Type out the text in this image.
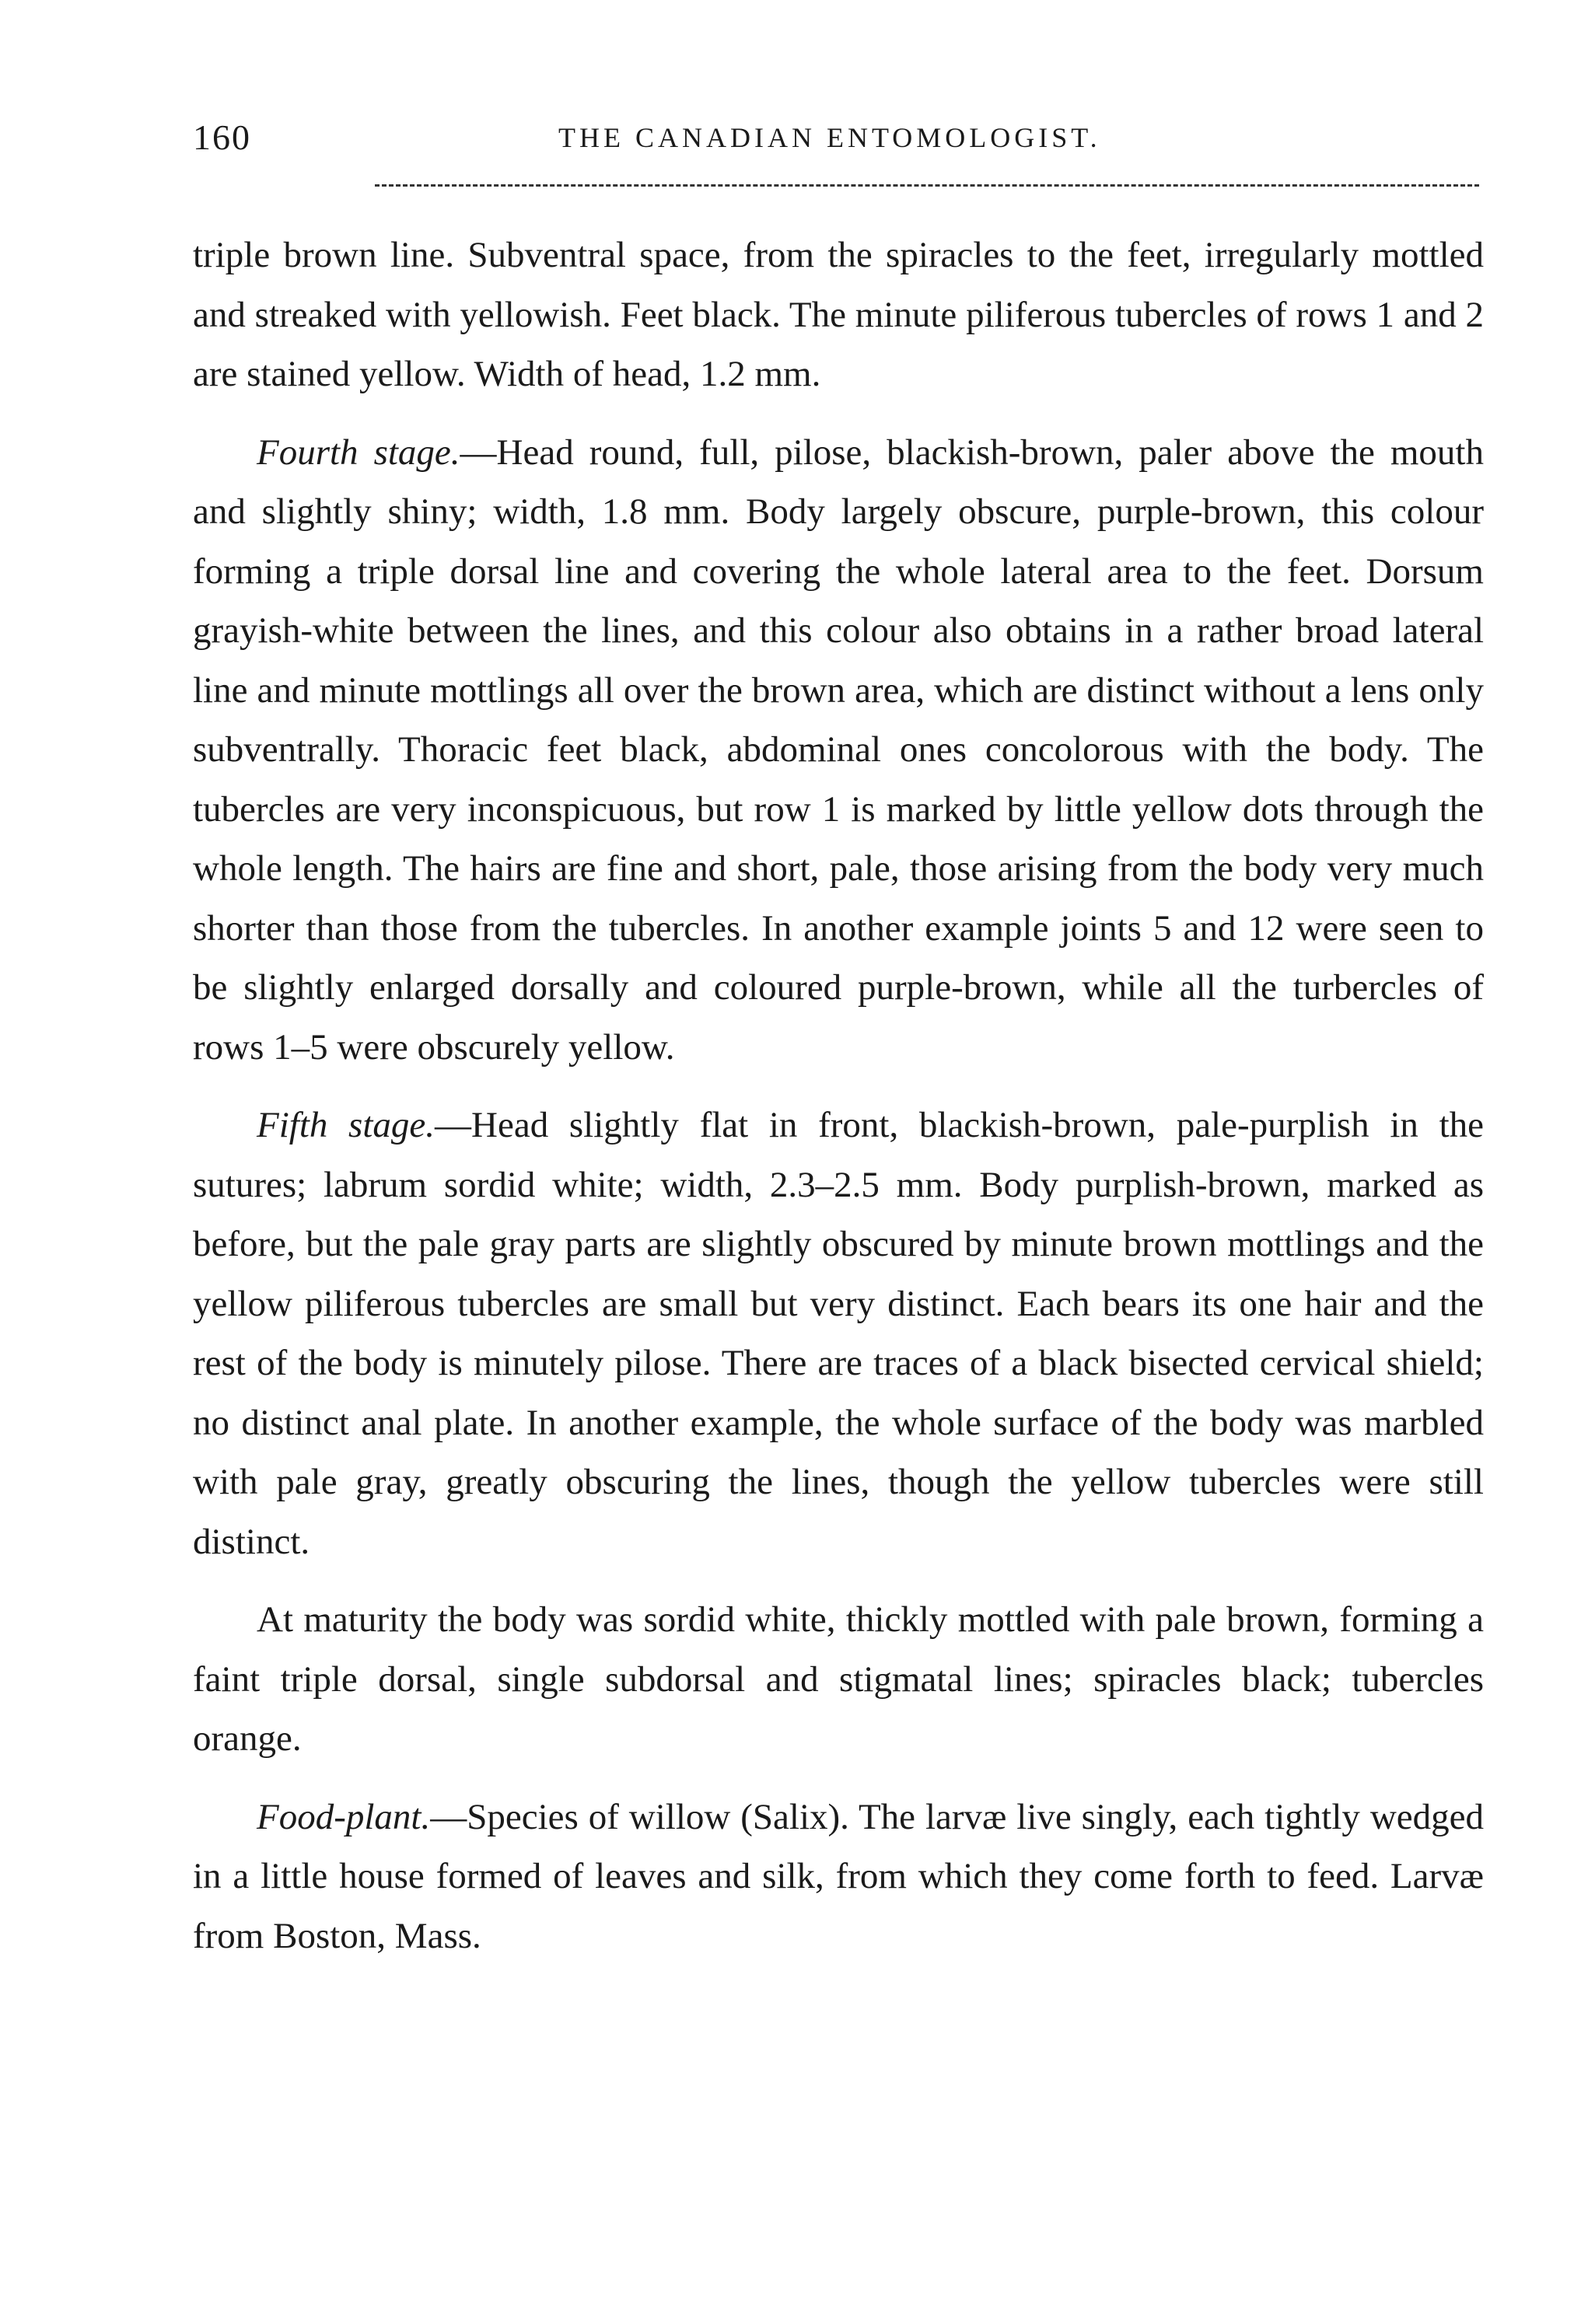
160	THE CANADIAN ENTOMOLOGIST.

triple brown line. Subventral space, from the spiracles to the feet, irregularly mottled and streaked with yellowish. Feet black. The minute piliferous tubercles of rows 1 and 2 are stained yellow. Width of head, 1.2 mm.

Fourth stage.—Head round, full, pilose, blackish-brown, paler above the mouth and slightly shiny; width, 1.8 mm. Body largely obscure, purple-brown, this colour forming a triple dorsal line and covering the whole lateral area to the feet. Dorsum grayish-white between the lines, and this colour also obtains in a rather broad lateral line and minute mottlings all over the brown area, which are distinct without a lens only subventrally. Thoracic feet black, abdominal ones concolorous with the body. The tubercles are very inconspicuous, but row 1 is marked by little yellow dots through the whole length. The hairs are fine and short, pale, those arising from the body very much shorter than those from the tubercles. In another example joints 5 and 12 were seen to be slightly enlarged dorsally and coloured purple-brown, while all the turbercles of rows 1–5 were obscurely yellow.

Fifth stage.—Head slightly flat in front, blackish-brown, pale-purplish in the sutures; labrum sordid white; width, 2.3–2.5 mm. Body purplish-brown, marked as before, but the pale gray parts are slightly obscured by minute brown mottlings and the yellow piliferous tubercles are small but very distinct. Each bears its one hair and the rest of the body is minutely pilose. There are traces of a black bisected cervical shield; no distinct anal plate. In another example, the whole surface of the body was marbled with pale gray, greatly obscuring the lines, though the yellow tubercles were still distinct.

At maturity the body was sordid white, thickly mottled with pale brown, forming a faint triple dorsal, single subdorsal and stigmatal lines; spiracles black; tubercles orange.

Food-plant.—Species of willow (Salix). The larvæ live singly, each tightly wedged in a little house formed of leaves and silk, from which they come forth to feed. Larvæ from Boston, Mass.
